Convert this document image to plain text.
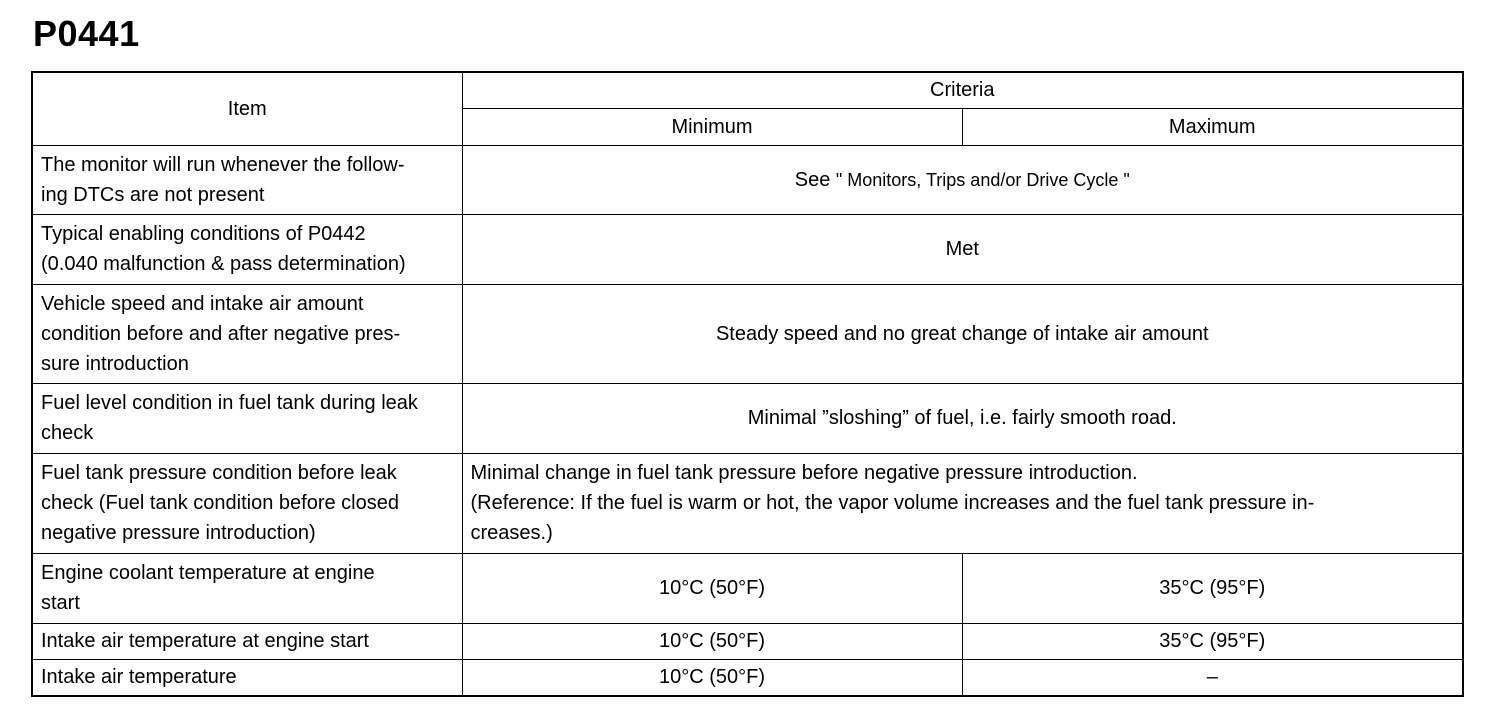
P0441
Item	Criteria	
	Minimum	Maximum

The monitor will run whenever the follow-
ing DTCs are not present	See " Monitors, Trips and/or Drive Cycle "	

Typical enabling conditions of P0442
(0.040 malfunction & pass determination)	Met	

Vehicle speed and intake air amount
condition before and after negative pres-
sure introduction	Steady speed and no great change of intake air amount	

Fuel level condition in fuel tank during leak
check	Minimal ”sloshing” of fuel, i.e. fairly smooth road.	

Fuel tank pressure condition before leak
check (Fuel tank condition before closed
negative pressure introduction)	Minimal change in fuel tank pressure before negative pressure introduction.
(Reference: If the fuel is warm or hot, the vapor volume increases and the fuel tank pressure in-
creases.)	

Engine coolant temperature at engine
start	10°C (50°F)	35°C (95°F)
Intake air temperature at engine start	10°C (50°F)	35°C (95°F)
Intake air temperature	10°C (50°F)	–
